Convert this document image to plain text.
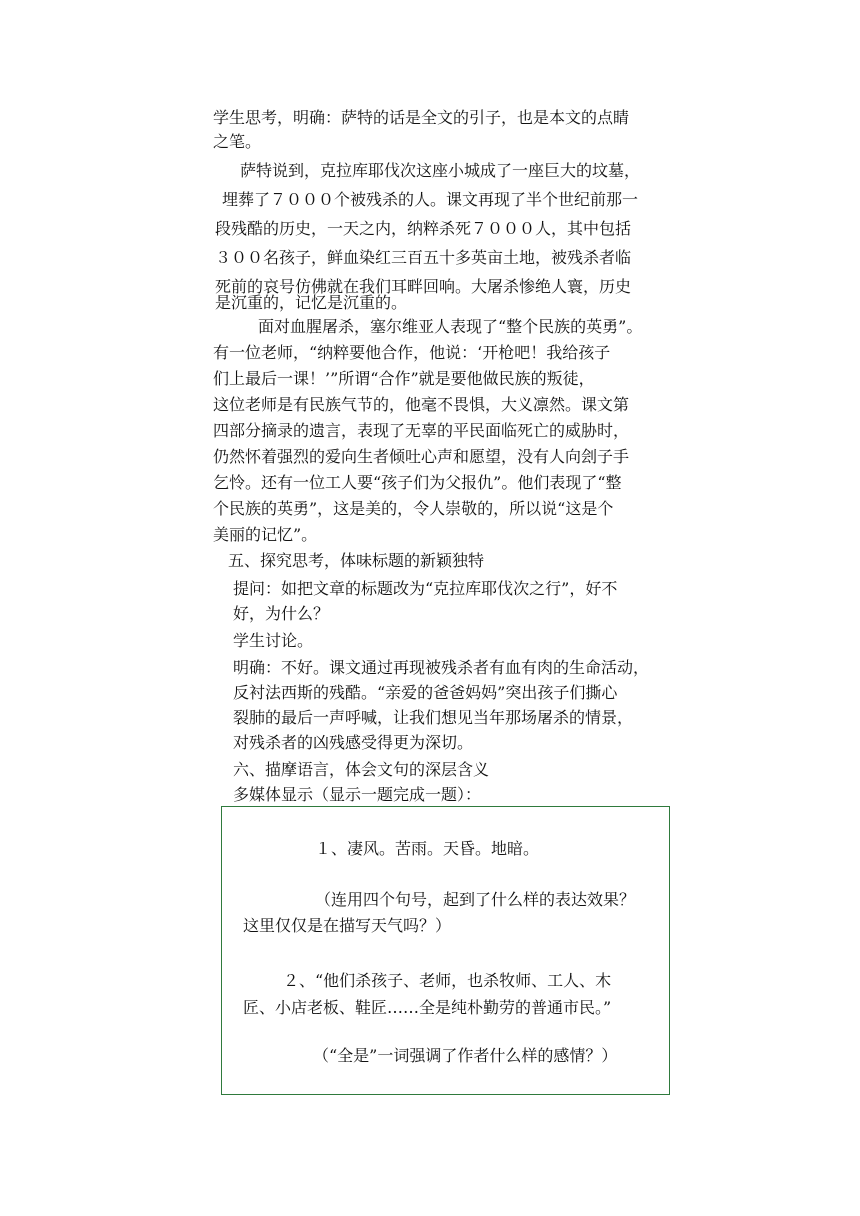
学生思考，明确：萨特的话是全文的引子，也是本文的点睛
之笔。
萨特说到，克拉库耶伐次这座小城成了一座巨大的坟墓，
埋葬了７０００个被残杀的人。课文再现了半个世纪前那一
段残酷的历史，一天之内，纳粹杀死７０００人，其中包括
３００名孩子，鲜血染红三百五十多英亩土地，被残杀者临
死前的哀号仿佛就在我们耳畔回响。大屠杀惨绝人寰，历史
是沉重的，记忆是沉重的。
面对血腥屠杀，塞尔维亚人表现了“整个民族的英勇”。
有一位老师，“纳粹要他合作，他说：‘开枪吧！我给孩子
们上最后一课！’”所谓“合作”就是要他做民族的叛徒，
这位老师是有民族气节的，他毫不畏惧，大义凛然。课文第
四部分摘录的遗言，表现了无辜的平民面临死亡的威胁时，
仍然怀着强烈的爱向生者倾吐心声和愿望，没有人向刽子手
乞怜。还有一位工人要“孩子们为父报仇”。他们表现了“整
个民族的英勇”，这是美的，令人崇敬的，所以说“这是个
美丽的记忆”。
五、探究思考，体味标题的新颖独特
提问：如把文章的标题改为“克拉库耶伐次之行”，好不
好，为什么？
学生讨论。
明确：不好。课文通过再现被残杀者有血有肉的生命活动，
反衬法西斯的残酷。“亲爱的爸爸妈妈”突出孩子们撕心
裂肺的最后一声呼喊，让我们想见当年那场屠杀的情景，
对残杀者的凶残感受得更为深切。
六、描摩语言，体会文句的深层含义
多媒体显示（显示一题完成一题）：
１、凄风。苦雨。天昏。地暗。
（连用四个句号，起到了什么样的表达效果？
这里仅仅是在描写天气吗？）
２、“他们杀孩子、老师，也杀牧师、工人、木
匠、小店老板、鞋匠……全是纯朴勤劳的普通市民。”
（“全是”一词强调了作者什么样的感情？）
